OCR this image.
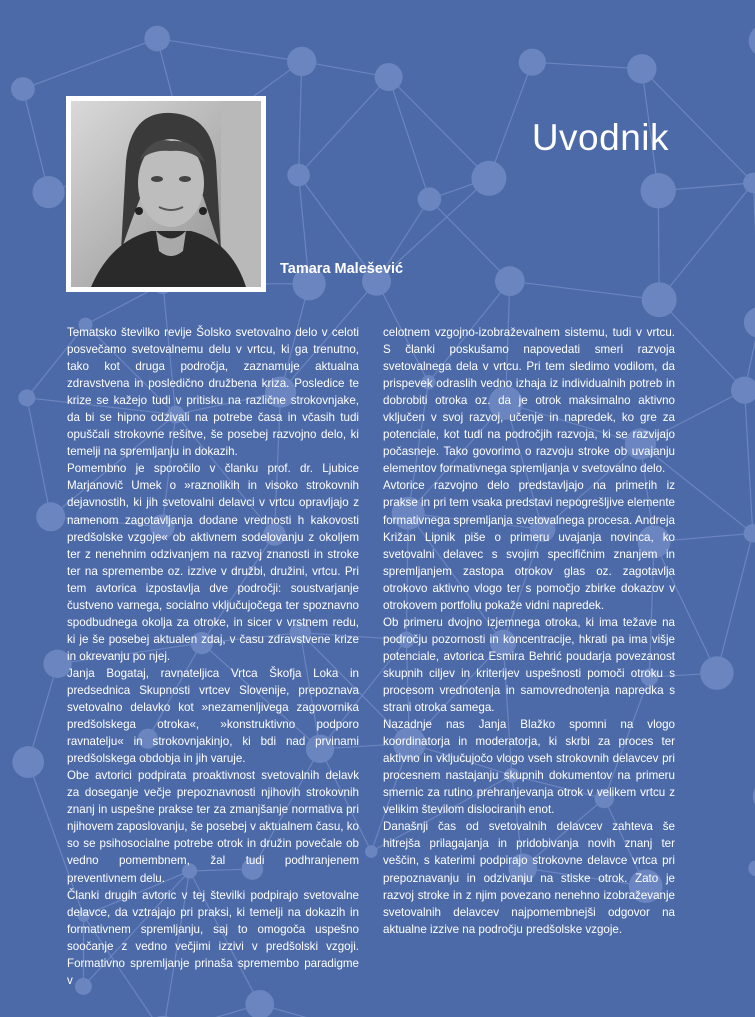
Uvodnik
Tamara Malešević

Tematsko številko revije Šolsko svetovalno delo v celoti posvečamo svetovalnemu delu v vrtcu, ki ga trenutno, tako kot druga področja, zaznamuje aktualna zdravstvena in posledično družbena kriza. Posledice te krize se kažejo tudi v pritisku na različne strokovnjake, da bi se hipno odzivali na potrebe časa in včasih tudi opuščali strokovne rešitve, še posebej razvojno delo, ki temelji na spremljanju in dokazih.

Pomembno je sporočilo v članku prof. dr. Ljubice Marjanovič Umek o »raznolikih in visoko strokovnih dejavnostih, ki jih svetovalni delavci v vrtcu opravljajo z namenom zagotavljanja dodane vrednosti h kakovosti predšolske vzgoje« ob aktivnem sodelovanju z okoljem ter z nenehnim odzivanjem na razvoj znanosti in stroke ter na spremembe oz. izzive v družbi, družini, vrtcu. Pri tem avtorica izpostavlja dve področji: soustvarjanje čustveno varnega, socialno vključujočega ter spoznavno spodbudnega okolja za otroke, in sicer v vrstnem redu, ki je še posebej aktualen zdaj, v času zdravstvene krize in okrevanju po njej.

Janja Bogataj, ravnateljica Vrtca Škofja Loka in predsednica Skupnosti vrtcev Slovenije, prepoznava svetovalno delavko kot »nezamenljivega zagovornika predšolskega otroka«, »konstruktivno podporo ravnatelju« in strokovnjakinjo, ki bdi nad prvinami predšolskega obdobja in jih varuje.

Obe avtorici podpirata proaktivnost svetovalnih delavk za doseganje večje prepoznavnosti njihovih strokovnih znanj in uspešne prakse ter za zmanjšanje normativa pri njihovem zaposlovanju, še posebej v aktualnem času, ko so se psihosocialne potrebe otrok in družin povečale ob vedno pomembnem, žal tudi podhranjenem preventivnem delu.

Članki drugih avtoric v tej številki podpirajo svetovalne delavce, da vztrajajo pri praksi, ki temelji na dokazih in formativnem spremljanju, saj to omogoča uspešno soočanje z vedno večjimi izzivi v predšolski vzgoji. Formativno spremljanje prinaša spremembo paradigme v

celotnem vzgojno-izobraževalnem sistemu, tudi v vrtcu. S članki poskušamo napovedati smeri razvoja svetovalnega dela v vrtcu. Pri tem sledimo vodilom, da prispevek odraslih vedno izhaja iz individualnih potreb in dobrobiti otroka oz. da je otrok maksimalno aktivno vključen v svoj razvoj, učenje in napredek, ko gre za potenciale, kot tudi na področjih razvoja, ki se razvijajo počasneje. Tako govorimo o razvoju stroke ob uvajanju elementov formativnega spremljanja v svetovalno delo.

Avtorice razvojno delo predstavljajo na primerih iz prakse in pri tem vsaka predstavi nepogrešljive elemente formativnega spremljanja svetovalnega procesa. Andreja Križan Lipnik piše o primeru uvajanja novinca, ko svetovalni delavec s svojim specifičnim znanjem in spremljanjem zastopa otrokov glas oz. zagotavlja otrokovo aktivno vlogo ter s pomočjo zbirke dokazov v otrokovem portfoliu pokaže vidni napredek.

Ob primeru dvojno izjemnega otroka, ki ima težave na področju pozornosti in koncentracije, hkrati pa ima višje potenciale, avtorica Esmira Behrić poudarja povezanost skupnih ciljev in kriterijev uspešnosti pomoči otroku s procesom vrednotenja in samovrednotenja napredka s strani otroka samega.

Nazadnje nas Janja Blažko spomni na vlogo koordinatorja in moderatorja, ki skrbi za proces ter aktivno in vključujočo vlogo vseh strokovnih delavcev pri procesnem nastajanju skupnih dokumentov na primeru smernic za rutino prehranjevanja otrok v velikem vrtcu z velikim številom dislociranih enot.

Današnji čas od svetovalnih delavcev zahteva še hitrejša prilagajanja in pridobivanja novih znanj ter veščin, s katerimi podpirajo strokovne delavce vrtca pri prepoznavanju in odzivanju na stiske otrok. Zato je razvoj stroke in z njim povezano nenehno izobraževanje svetovalnih delavcev najpomembnejši odgovor na aktualne izzive na področju predšolske vzgoje.
